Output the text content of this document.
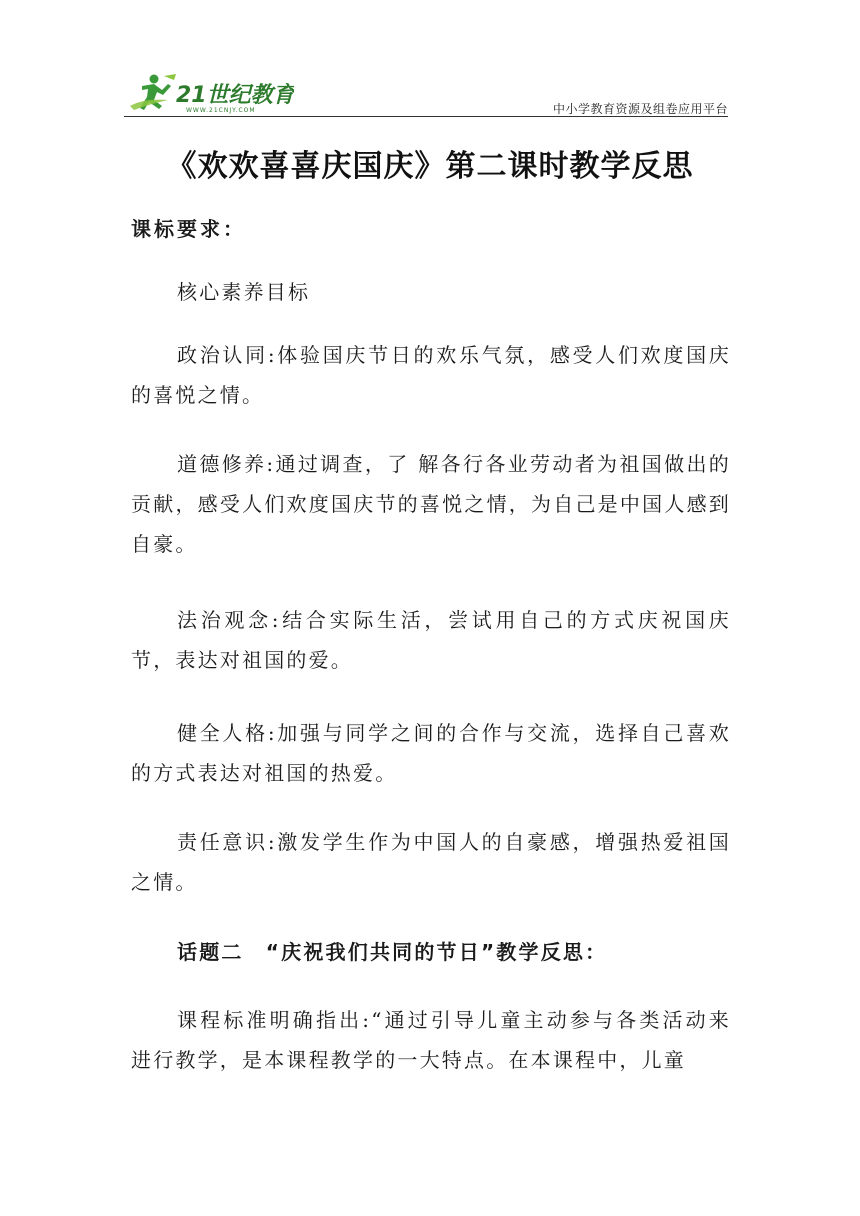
21世纪教育
WWW.21CNJY.COM	中小学教育资源及组卷应用平台
《欢欢喜喜庆国庆》第二课时教学反思
课标要求：
核心素养目标
政治认同:体验国庆节日的欢乐气氛，感受人们欢度国庆的喜悦之情。
道德修养:通过调查，了 解各行各业劳动者为祖国做出的贡献，感受人们欢度国庆节的喜悦之情，为自己是中国人感到自豪。
法治观念:结合实际生活，尝试用自己的方式庆祝国庆节，表达对祖国的爱。
健全人格:加强与同学之间的合作与交流，选择自己喜欢的方式表达对祖国的热爱。
责任意识:激发学生作为中国人的自豪感，增强热爱祖国之情。
话题二　“庆祝我们共同的节日”教学反思：
课程标准明确指出:“通过引导儿童主动参与各类活动来进行教学，是本课程教学的一大特点。在本课程中，儿童
